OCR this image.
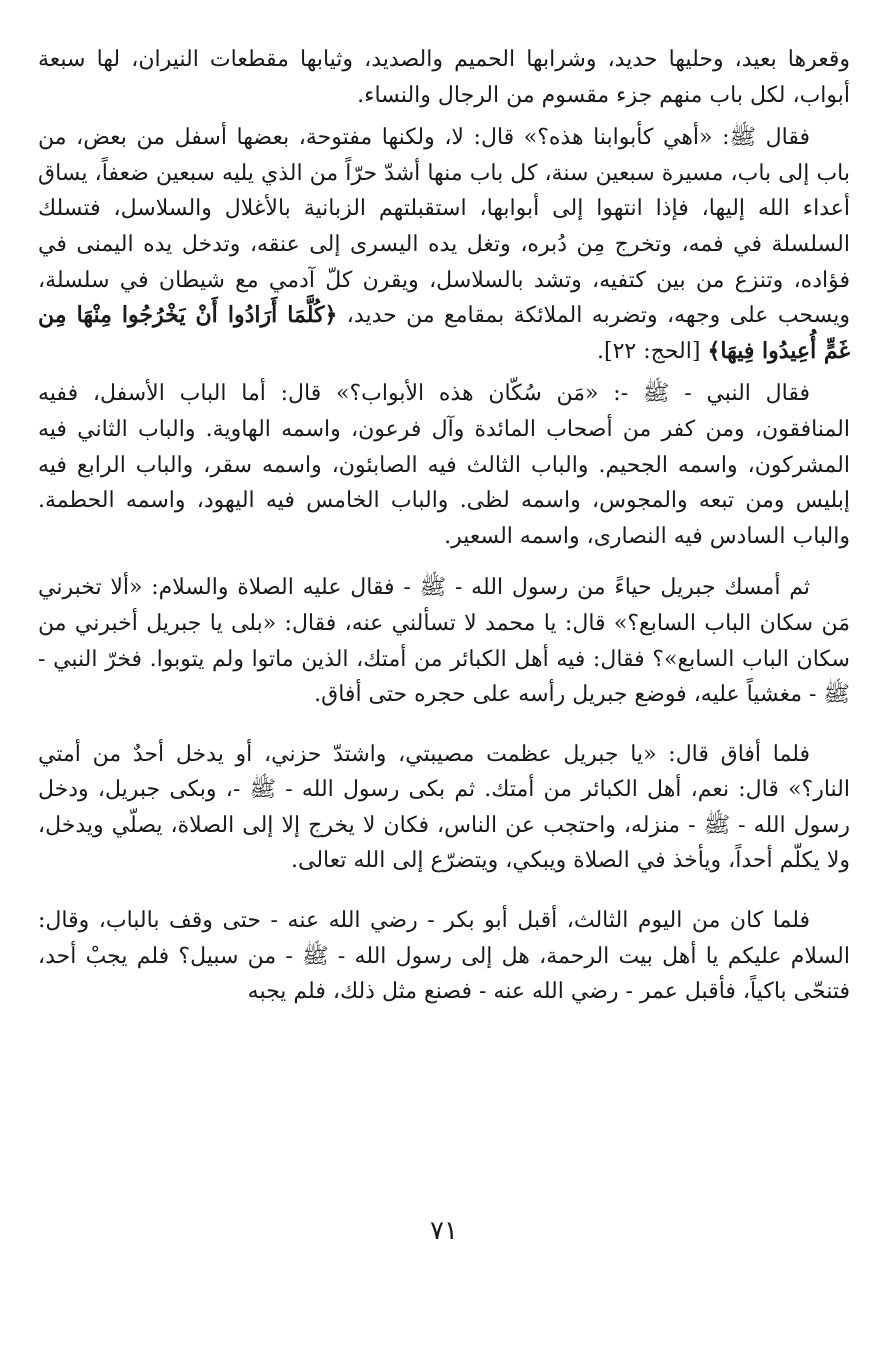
وقعرها بعيد، وحليها حديد، وشرابها الحميم والصديد، وثيابها مقطعات النيران، لها سبعة أبواب، لكل باب منهم جزء مقسوم من الرجال والنساء.

فقال ﷺ: «أهي كأبوابنا هذه؟» قال: لا، ولكنها مفتوحة، بعضها أسفل من بعض، من باب إلى باب، مسيرة سبعين سنة، كل باب منها أشدّ حرّاً من الذي يليه سبعين ضعفاً، يساق أعداء الله إليها، فإذا انتهوا إلى أبوابها، استقبلتهم الزبانية بالأغلال والسلاسل، فتسلك السلسلة في فمه، وتخرج مِن دُبره، وتغل يده اليسرى إلى عنقه، وتدخل يده اليمنى في فؤاده، وتنزع من بين كتفيه، وتشد بالسلاسل، ويقرن كلّ آدمي مع شيطان في سلسلة، ويسحب على وجهه، وتضربه الملائكة بمقامع من حديد، ﴿كُلَّمَا أَرَادُوا أَنْ يَخْرُجُوا مِنْهَا مِن غَمٍّ أُعِيدُوا فِيهَا﴾ [الحج: ٢٢].

فقال النبي - ﷺ -: «مَن سُكّان هذه الأبواب؟» قال: أما الباب الأسفل، ففيه المنافقون، ومن كفر من أصحاب المائدة وآل فرعون، واسمه الهاوية. والباب الثاني فيه المشركون، واسمه الجحيم. والباب الثالث فيه الصابئون، واسمه سقر، والباب الرابع فيه إبليس ومن تبعه والمجوس، واسمه لظى. والباب الخامس فيه اليهود، واسمه الحطمة. والباب السادس فيه النصارى، واسمه السعير.

ثم أمسك جبريل حياءً من رسول الله - ﷺ - فقال عليه الصلاة والسلام: «ألا تخبرني مَن سكان الباب السابع؟» قال: يا محمد لا تسألني عنه، فقال: «بلى يا جبريل أخبرني من سكان الباب السابع»؟ فقال: فيه أهل الكبائر من أمتك، الذين ماتوا ولم يتوبوا. فخرّ النبي - ﷺ - مغشياً عليه، فوضع جبريل رأسه على حجره حتى أفاق.

فلما أفاق قال: «يا جبريل عظمت مصيبتي، واشتدّ حزني، أو يدخل أحدٌ من أمتي النار؟» قال: نعم، أهل الكبائر من أمتك. ثم بكى رسول الله - ﷺ -، وبكى جبريل، ودخل رسول الله - ﷺ - منزله، واحتجب عن الناس، فكان لا يخرج إلا إلى الصلاة، يصلّي ويدخل، ولا يكلّم أحداً، ويأخذ في الصلاة ويبكي، ويتضرّع إلى الله تعالى.

فلما كان من اليوم الثالث، أقبل أبو بكر - رضي الله عنه - حتى وقف بالباب، وقال: السلام عليكم يا أهل بيت الرحمة، هل إلى رسول الله - ﷺ - من سبيل؟ فلم يجبْ أحد، فتنحّى باكياً، فأقبل عمر - رضي الله عنه - فصنع مثل ذلك، فلم يجبه

٧١
